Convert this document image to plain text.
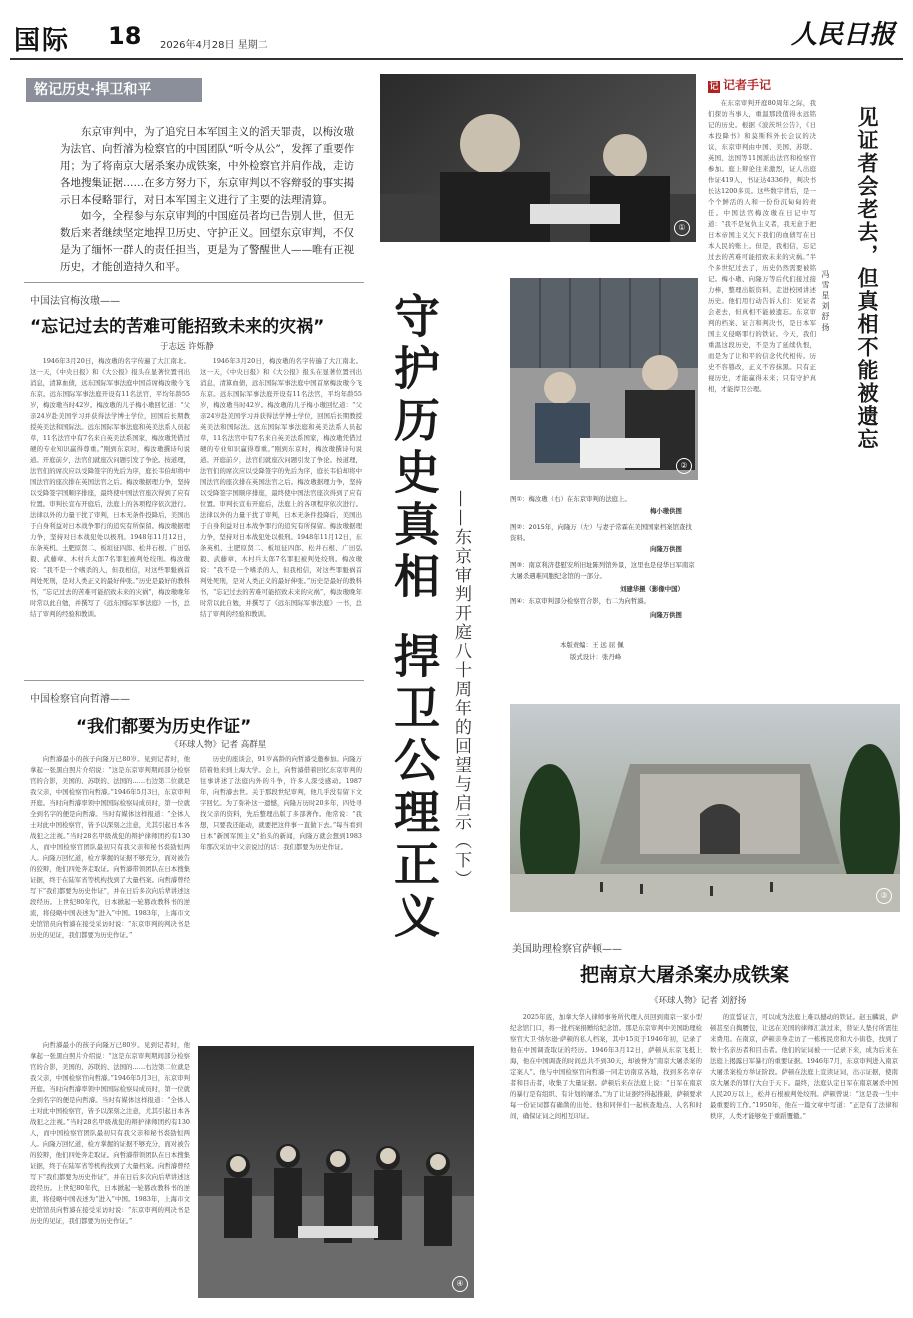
国际 18 2026年4月28日 星期二	人民日报
铭记历史·捍卫和平
东京审判中，为了追究日本军国主义的滔天罪责，以梅汝璈为法官、向哲濬为检察官的中国团队“听令从公”，发挥了重要作用；为了将南京大屠杀案办成铁案，中外检察官并肩作战，走访各地搜集证据……在多方努力下，东京审判以不容辩驳的事实揭示日本侵略罪行，对日本军国主义进行了主要的法理清算。
如今，全程参与东京审判的中国庭员者均已告别人世，但无数后来者继续坚定地捍卫历史、守护正义。回望东京审判，不仅是为了缅怀一群人的责任担当，更是为了警醒世人——唯有正视历史，才能创造持久和平。
中国法官梅汝璈——
“忘记过去的苦难可能招致未来的灾祸”
于志远 许烁静

1946年3月20日，梅汝璈的名字传遍了大江南北。这一天，《中央日报》和《大公报》报头在显著位置刊出消息，清算血债，远东国际军事法庭中国首席梅汝璈今飞东京。远东国际军事法庭开设有11名法官，平均年龄55岁，梅汝璈当时42岁。梅汝璈的儿子梅小璈回忆道：“父亲24岁赴美国学习并获得法学博士学位，回国后长期教授英美法和国际法。远东国际军事法庭和英美法系人员起草，11名法官中有7名来自英美法系国家，梅汝璈凭借过硬的专业知识赢得尊重。”刚到东京时，梅汝璈撰诗句说道。开庭前夕，法官们就座次问题引发了争论。按道理，法官们的席次应以受降签字的先后为序，庭长韦伯却将中国法官的座次排在英国法官之后。梅汝璈据理力争，坚持以受降签字国顺序排座，最终使中国法官座次得到了应有位置。审判长宣布开庭后，法庭上的各项程序依次进行。法律以外的力量干扰了审判，日本无条件投降后，美国出于自身利益对日本战争罪行的追究有所保留。梅汝璈据理力争，坚持对日本战犯处以极刑。1948年11月12日，东条英机、土肥原贤二、板垣征四郎、松井石根、广田弘毅、武藤章、木村兵太郎7名罪犯被判处绞刑。梅汝璈说：“我不是一个嗜杀的人，但我相信，对这些罪魁祸首判处死刑，是对人类正义的最好伸张。”历史是最好的教科书，“忘记过去的苦难可能招致未来的灾祸”，梅汝璈晚年时常以此自勉，并撰写了《远东国际军事法庭》一书，总结了审判的经验和教训。

1946年3月20日，梅汝璈的名字传遍了大江南北。这一天，《中央日报》和《大公报》报头在显著位置刊出消息，清算血债，远东国际军事法庭中国首席梅汝璈今飞东京。远东国际军事法庭开设有11名法官，平均年龄55岁，梅汝璈当时42岁。梅汝璈的儿子梅小璈回忆道：“父亲24岁赴美国学习并获得法学博士学位，回国后长期教授英美法和国际法。远东国际军事法庭和英美法系人员起草，11名法官中有7名来自英美法系国家，梅汝璈凭借过硬的专业知识赢得尊重。”刚到东京时，梅汝璈撰诗句说道。开庭前夕，法官们就座次问题引发了争论。按道理，法官们的席次应以受降签字的先后为序，庭长韦伯却将中国法官的座次排在英国法官之后。梅汝璈据理力争，坚持以受降签字国顺序排座，最终使中国法官座次得到了应有位置。审判长宣布开庭后，法庭上的各项程序依次进行。法律以外的力量干扰了审判，日本无条件投降后，美国出于自身利益对日本战争罪行的追究有所保留。梅汝璈据理力争，坚持对日本战犯处以极刑。1948年11月12日，东条英机、土肥原贤二、板垣征四郎、松井石根、广田弘毅、武藤章、木村兵太郎7名罪犯被判处绞刑。梅汝璈说：“我不是一个嗜杀的人，但我相信，对这些罪魁祸首判处死刑，是对人类正义的最好伸张。”历史是最好的教科书，“忘记过去的苦难可能招致未来的灾祸”，梅汝璈晚年时常以此自勉，并撰写了《远东国际军事法庭》一书，总结了审判的经验和教训。

中国检察官向哲濬——
“我们都要为历史作证”
《环球人物》记者 高群星

向哲濬最小的孩子向隆万已80岁。见到记者时，他拿起一张黑白照片介绍说：“这是东京审判期间部分检察官的合影，美国的、苏联的、法国的……右边第二位就是我父亲，中国检察官向哲濬。”1946年5月3日，东京审判开庭。当时向哲濬率领中国国际检察局成员时，第一位就全到名字的便是向哲濬。当时有媒体这样报道：“全体人士对此中国检察官，皆予以深刻之注意，尤其引起日本各战犯之注视。”当时28名甲级战犯的辩护律师团约有130人，而中国检察官团队最初只有我父亲和秘书裘劭恒两人。向隆万回忆道，检方掌握的证据不够充分，面对被告的狡辩，他们四处奔走取证。向哲濬带领团队在日本搜集证据，终于在陆军省等机构找到了大量档案。向哲濬曾经写下“我们都要为历史作证”，并在日后多次向后辈讲述这段经历。上世纪80年代，日本掀起一轮篡改教科书的逆流，将侵略中国表述为“进入”中国。1983年，上海市文史馆馆员向哲濬在接受采访时说：“东京审判的判决书是历史的见证，我们都要为历史作证。”

历史的座谈会，91岁高龄的向哲濬受邀参加。向隆万陪着他来到上海大学。会上，向哲濬借着回忆东京审判的往事讲述了法庭内外的斗争，许多人深受感动。1987年，向哲濬去世。关于那段世纪审判，他几乎没有留下文字回忆。为了弥补这一遗憾，向隆万历时20多年，四处寻找父亲的资料，先后整理出版了多部著作。他常说：“我想，只要我还能动，就要把这件事一直做下去。”每当看到日本“新国军国主义”抬头的新闻，向隆万就会想到1983年那次采访中父亲说过的话：我们都要为历史作证。

向哲濬最小的孩子向隆万已80岁。见到记者时，他拿起一张黑白照片介绍说：“这是东京审判期间部分检察官的合影，美国的、苏联的、法国的……右边第二位就是我父亲，中国检察官向哲濬。”1946年5月3日，东京审判开庭。当时向哲濬率领中国国际检察局成员时，第一位就全到名字的便是向哲濬。当时有媒体这样报道：“全体人士对此中国检察官，皆予以深刻之注意，尤其引起日本各战犯之注视。”当时28名甲级战犯的辩护律师团约有130人，而中国检察官团队最初只有我父亲和秘书裘劭恒两人。向隆万回忆道，检方掌握的证据不够充分，面对被告的狡辩，他们四处奔走取证。向哲濬带领团队在日本搜集证据，终于在陆军省等机构找到了大量档案。向哲濬曾经写下“我们都要为历史作证”，并在日后多次向后辈讲述这段经历。上世纪80年代，日本掀起一轮篡改教科书的逆流，将侵略中国表述为“进入”中国。1983年，上海市文史馆馆员向哲濬在接受采访时说：“东京审判的判决书是历史的见证，我们都要为历史作证。”

④
①
②
守护历史真相
捍卫公理正义 ——东京审判开庭八十周年的回望与启示（下）	图①：梅汝璈（右）在东京审判的法庭上。
梅小璈供图
图②：2015年，向隆万（左）与妻子常霖在美国国家档案馆查找资料。
向隆万供图
图③：南京利济巷慰安所旧址陈列馆外景，这里也是侵华日军南京大屠杀遇难同胞纪念馆的一部分。
刘建华摄（影像中国）
图④：东京审判部分检察官合影，右二为向哲濬。
向隆万供图
本版责编：王 远 屈 佩
版式设计：张丹峰
记 记者手记
见证者会老去，但真相不能被遗忘
冯 雪 星 刘 舒 扬

在东京审判开庭80周年之际，我们探访当事人，重温那段值得永远铭记的历史。根据《波茨坦公告》，《日本投降书》和莫斯科外长会议的决议，东京审判由中国、美国、苏联、英国、法国等11国派出法官和检察官参加。庭上辩论往来激烈，证人出庭作证419人，书证达4336件，判决书长达1200多页。这些数字背后，是一个个鲜活的人和一份份沉甸甸的责任。中国法官梅汝璈在日记中写道：“我不是复仇主义者，我无意于把日本帝国主义欠下我们的血债写在日本人民的账上。但是，我相信，忘记过去的苦难可能招致未来的灾祸。”半个多世纪过去了，历史仍然需要被铭记。梅小璈、向隆万等后代们接过接力棒，整理出版资料，走进校园讲述历史。他们用行动告诉人们：见证者会老去，但真相不能被遗忘。东京审判的档案、证言和判决书，是日本军国主义侵略罪行的铁证。今天，我们重温这段历史，不是为了延续仇恨，而是为了让和平的信念代代相传。历史不容篡改，正义不容抹黑。只有正视历史，才能赢得未来；只有守护真相，才能捍卫公理。

③
美国助理检察官萨顿——
把南京大屠杀案办成铁案
《环球人物》记者 刘舒扬

2025年底，加拿大华人律师事务所代理人员回到南京一家小型纪念馆门口，将一批档案捐赠给纪念馆。那是东京审判中美国助理检察官大卫·纳尔逊·萨顿的私人档案，其中15页于1946年初，记录了他在中国调查取证的经历。1946年3月12日，萨顿从东京飞抵上海，他在中国调查的时间总共不到30天，却被誉为“南京大屠杀案的定案人”。他与中国检察官向哲濬一同走访南京各地，找到多名幸存者和目击者，收集了大量证据。萨顿后来在法庭上说：“日军在南京的暴行是有组织、有计划的屠杀。”为了让证据经得起推敲，萨顿要求每一份证词都有确凿的出处。他和同伴们一起核查地点、人名和时间，确保证词之间相互印证。

的宣誓证言，可以成为法庭上难以撼动的铁证。赵玉麟说，萨顿甚至自掏腰包，让远在美国的律师汇款过来，替证人垫付所需往来费用。在南京，萨顿亲身走访了一栋栋民房和大小街巷，找到了数十名亲历者和目击者。他们的证词被一一记录下来，成为后来在法庭上揭露日军暴行的重要证据。1946年7月，东京审判进入南京大屠杀案检方举证阶段。萨顿在法庭上宣读证词，出示证据，使南京大屠杀的罪行大白于天下。最终，法庭认定日军在南京屠杀中国人民20万以上，松井石根被判处绞刑。萨顿曾说：“这是我一生中最重要的工作。”1950年，他在一篇文章中写道：“正是有了法律和秩序，人类才能够免于重蹈覆辙。”
